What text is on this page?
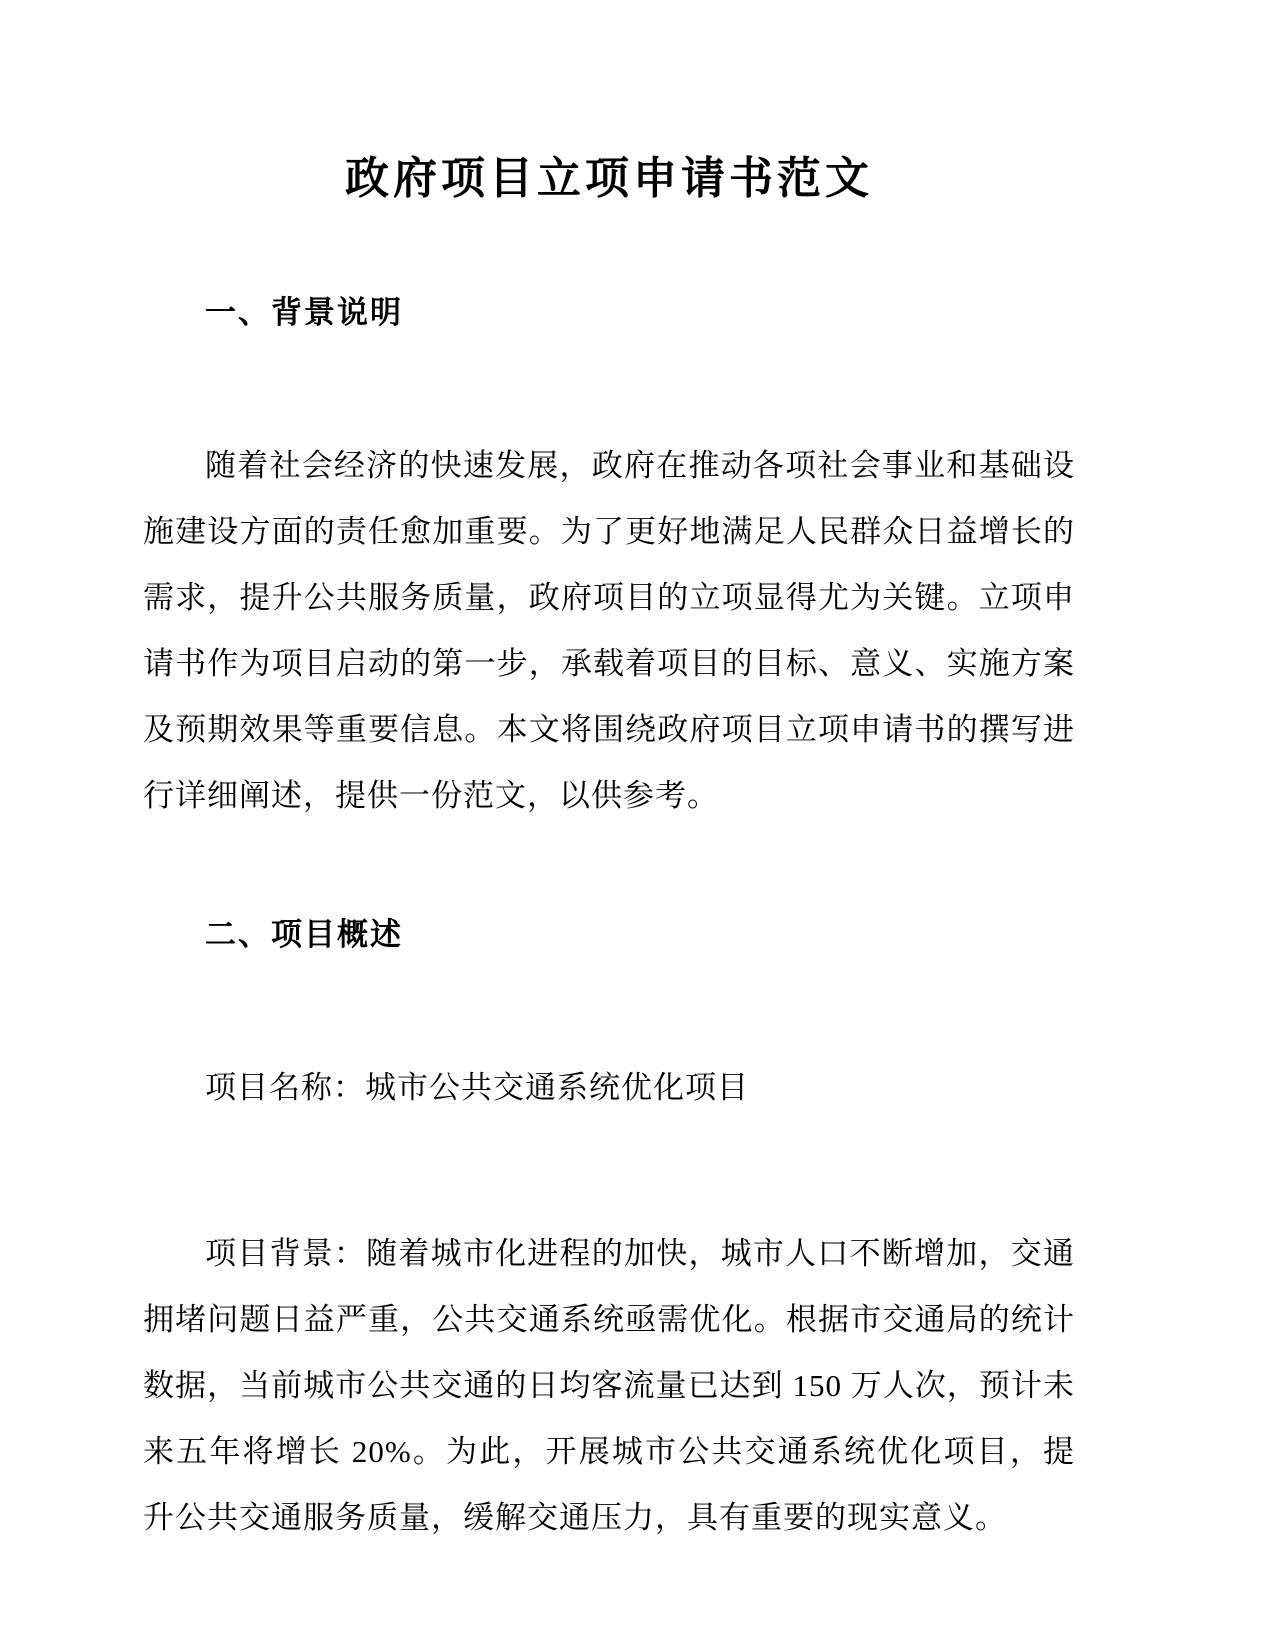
政府项目立项申请书范文
一、背景说明

随着社会经济的快速发展，政府在推动各项社会事业和基础设施建设方面的责任愈加重要。为了更好地满足人民群众日益增长的需求，提升公共服务质量，政府项目的立项显得尤为关键。立项申请书作为项目启动的第一步，承载着项目的目标、意义、实施方案及预期效果等重要信息。本文将围绕政府项目立项申请书的撰写进行详细阐述，提供一份范文，以供参考。

二、项目概述

项目名称：城市公共交通系统优化项目

项目背景：随着城市化进程的加快，城市人口不断增加，交通拥堵问题日益严重，公共交通系统亟需优化。根据市交通局的统计数据，当前城市公共交通的日均客流量已达到 150 万人次，预计未来五年将增长 20%。为此，开展城市公共交通系统优化项目，提升公共交通服务质量，缓解交通压力，具有重要的现实意义。
